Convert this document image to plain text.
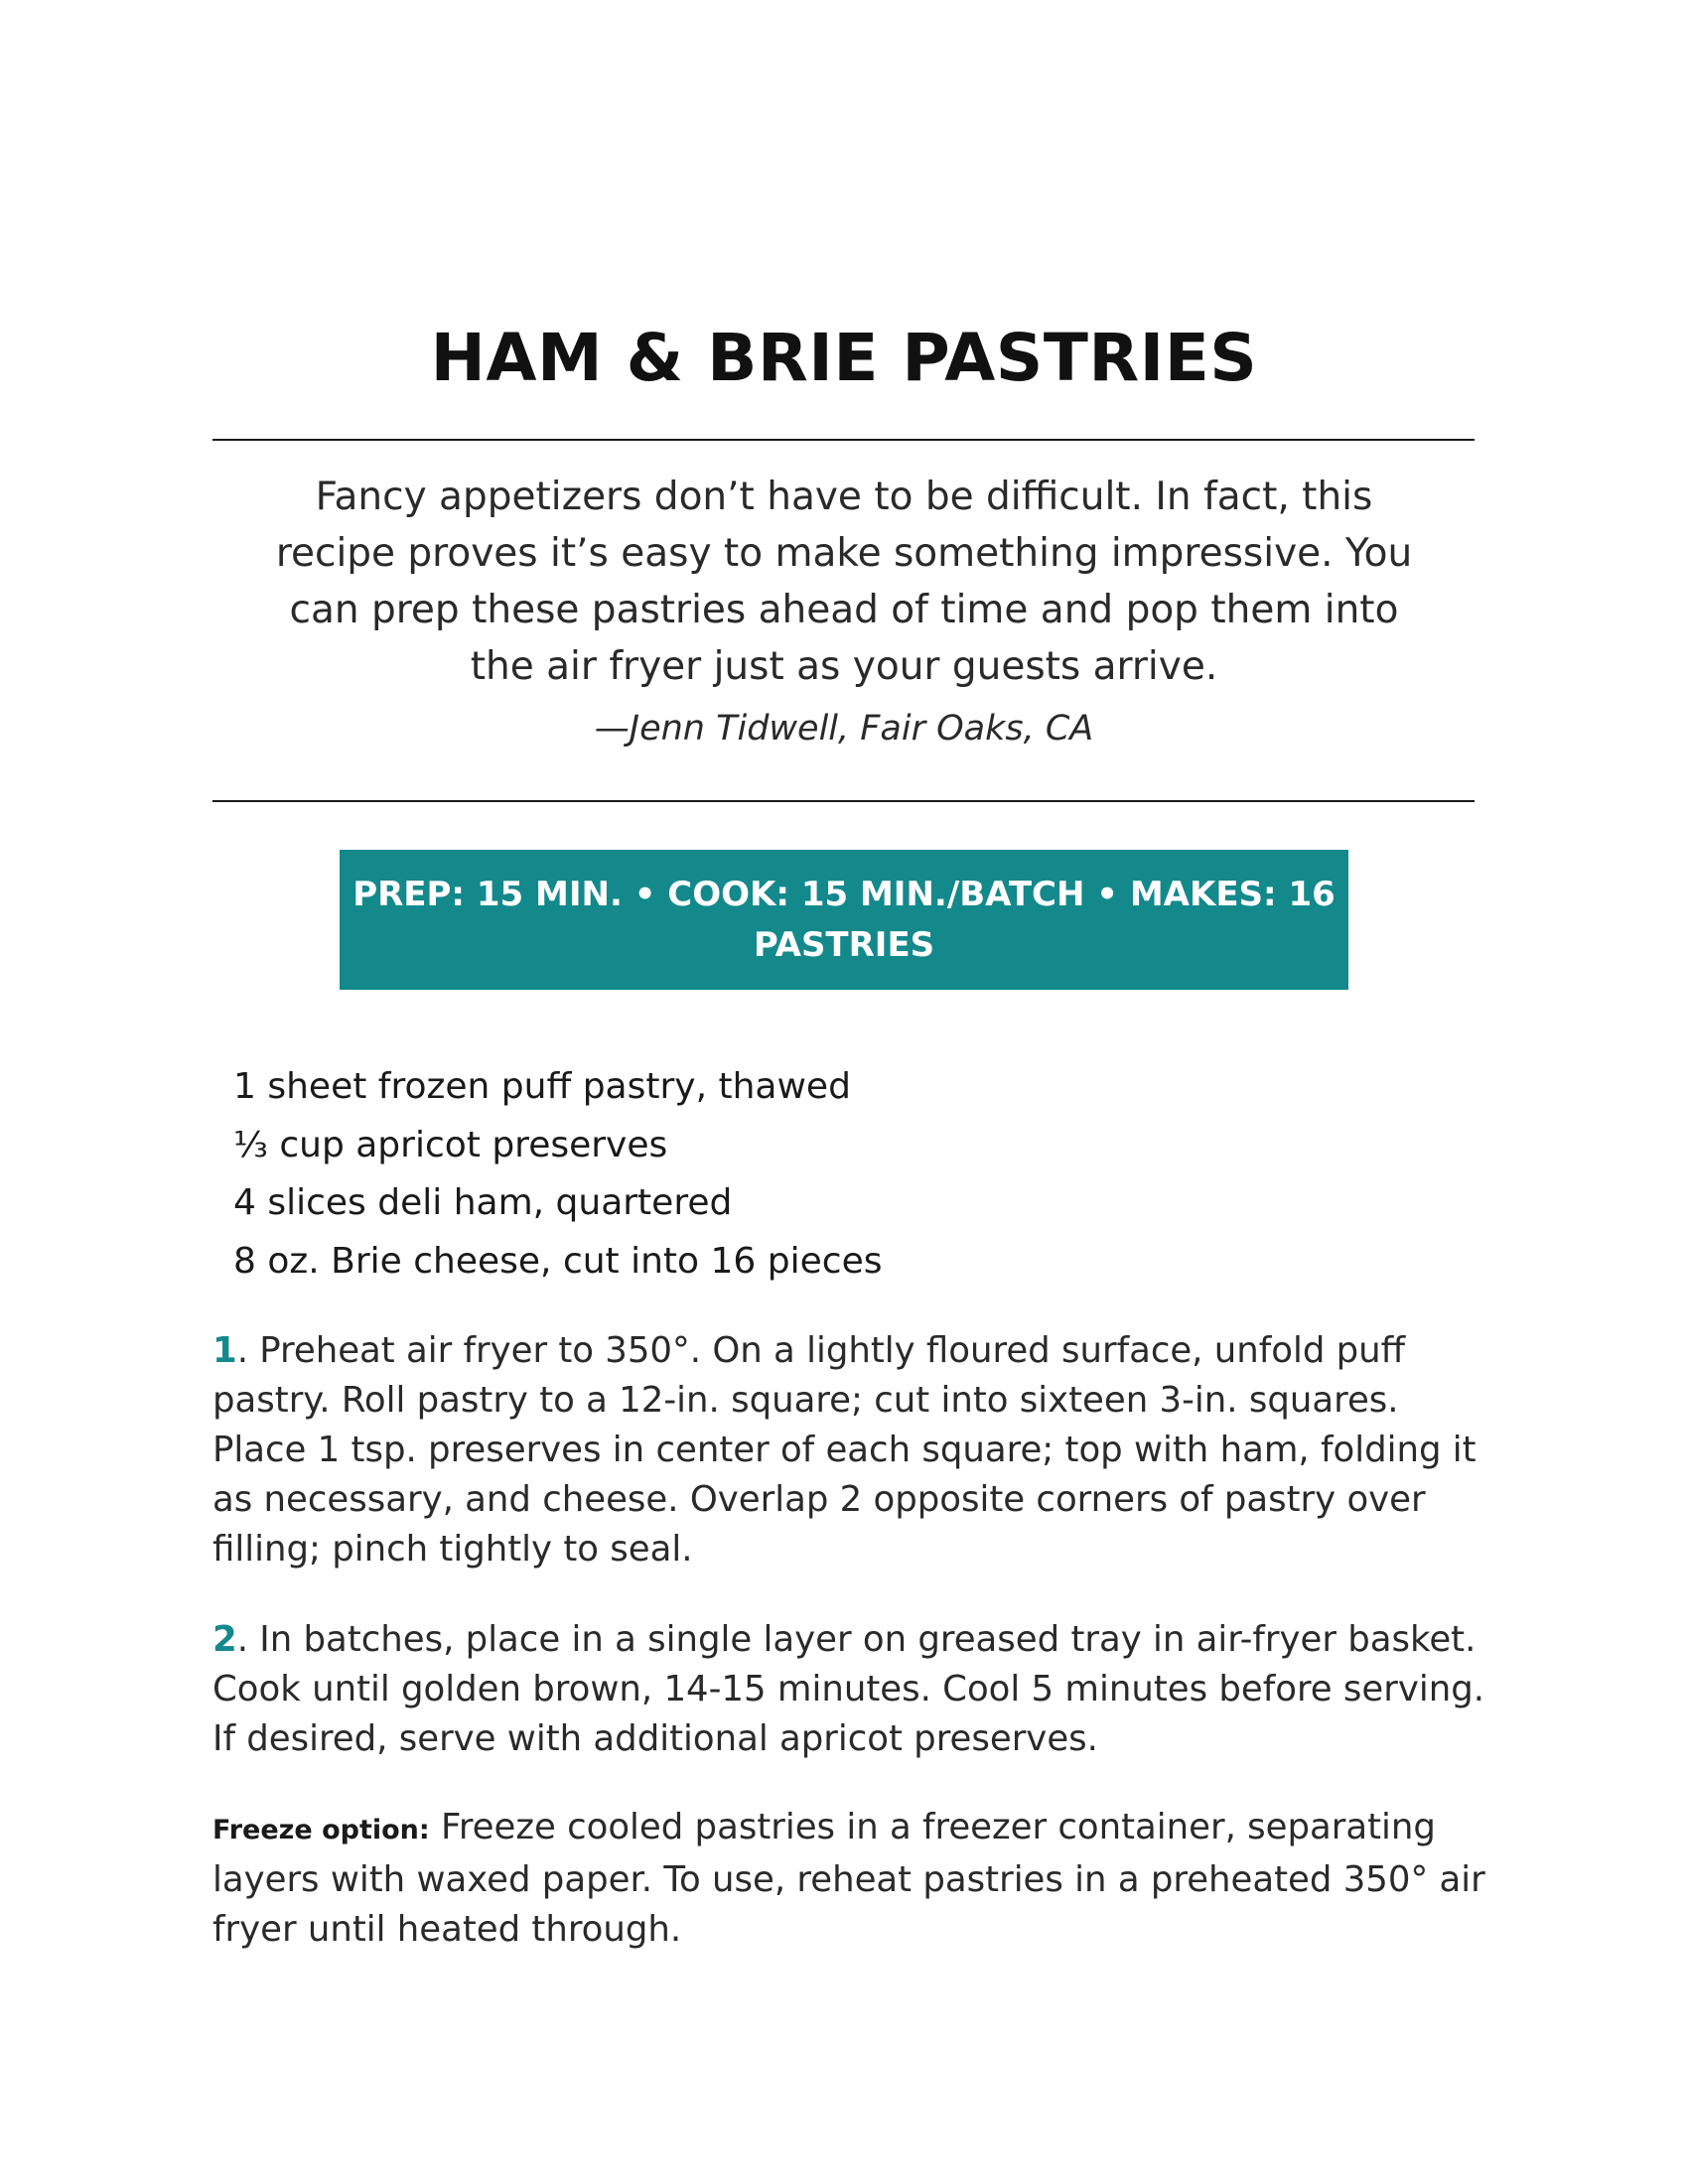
HAM & BRIE PASTRIES

Fancy appetizers don’t have to be difficult. In fact, this
recipe proves it’s easy to make something impressive. You
can prep these pastries ahead of time and pop them into
the air fryer just as your guests arrive.

—Jenn Tidwell, Fair Oaks, CA

PREP: 15 MIN. • COOK: 15 MIN./BATCH • MAKES: 16
PASTRIES
1 sheet frozen puff pastry, thawed
⅓ cup apricot preserves
4 slices deli ham, quartered
8 oz. Brie cheese, cut into 16 pieces

1. Preheat air fryer to 350°. On a lightly floured surface, unfold puff
pastry. Roll pastry to a 12-in. square; cut into sixteen 3-in. squares.
Place 1 tsp. preserves in center of each square; top with ham, folding it
as necessary, and cheese. Overlap 2 opposite corners of pastry over
filling; pinch tightly to seal.

2. In batches, place in a single layer on greased tray in air-fryer basket.
Cook until golden brown, 14-15 minutes. Cool 5 minutes before serving.
If desired, serve with additional apricot preserves.

Freeze option: Freeze cooled pastries in a freezer container, separating
layers with waxed paper. To use, reheat pastries in a preheated 350° air
fryer until heated through.
